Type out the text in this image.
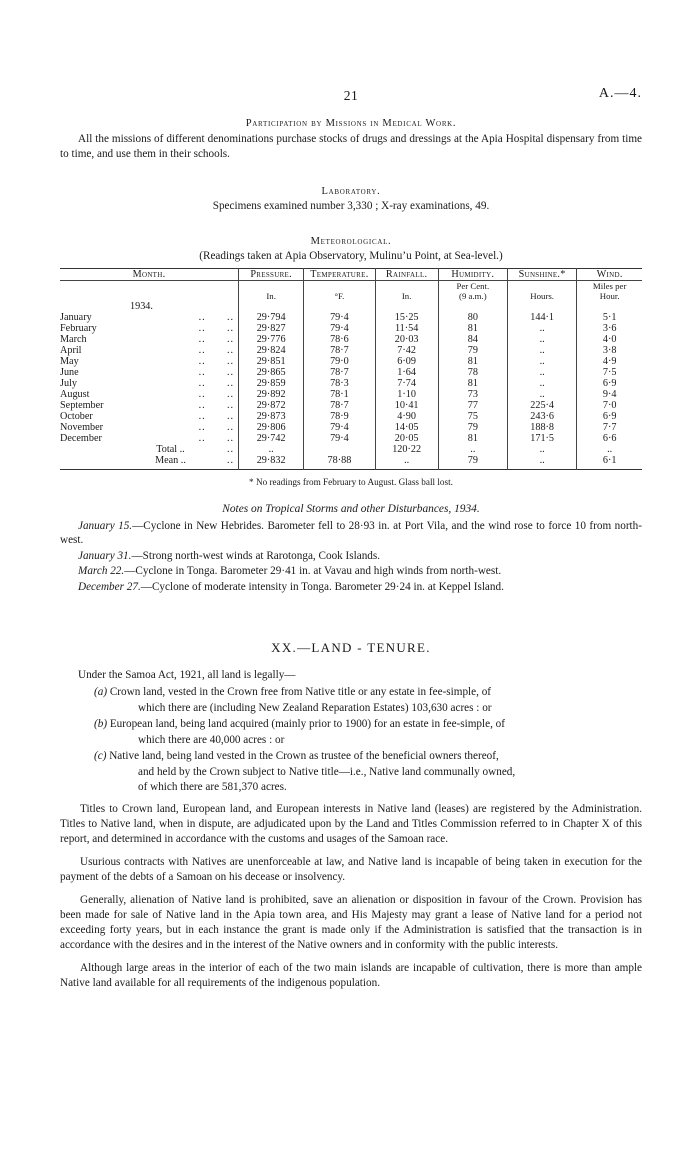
21	A.—4.
Participation by Missions in Medical Work.
All the missions of different denominations purchase stocks of drugs and dressings at the Apia Hospital dispensary from time to time, and use them in their schools.
Laboratory.
Specimens examined number 3,330 ; X-ray examinations, 49.
Meteorological.
(Readings taken at Apia Observatory, Mulinu’u Point, at Sea-level.)
Month.	Pressure.	Temperature.	Rainfall.	Humidity.	Sunshine.*	Wind.
				Per Cent.		Miles per
	In.	°F.	In.	(9 a.m.)	Hours.	Hour.
1934.						
January ..      ..	29·794	79·4	15·25	80	144·1	5·1
February ..      ..	29·827	79·4	11·54	81	..	3·6
March ..      ..	29·776	78·6	20·03	84	..	4·0
April ..      ..	29·824	78·7	7·42	79	..	3·8
May ..      ..	29·851	79·0	6·09	81	..	4·9
June ..      ..	29·865	78·7	1·64	78	..	7·5
July ..      ..	29·859	78·3	7·74	81	..	6·9
August ..      ..	29·892	78·1	1·10	73	..	9·4
September ..      ..	29·872	78·7	10·41	77	225·4	7·0
October ..      ..	29·873	78·9	4·90	75	243·6	6·9
November ..      ..	29·806	79·4	14·05	79	188·8	7·7
December ..      ..	29·742	79·4	20·05	81	171·5	6·6
Total .. ..	..		120·22	..	..	..
Mean .. ..	29·832	78·88	..	79	..	6·1

* No readings from February to August. Glass ball lost.
Notes on Tropical Storms and other Disturbances, 1934.
January 15.—Cyclone in New Hebrides. Barometer fell to 28·93 in. at Port Vila, and the wind rose to force 10 from north-west.
January 31.—Strong north-west winds at Rarotonga, Cook Islands.
March 22.—Cyclone in Tonga. Barometer 29·41 in. at Vavau and high winds from north-west.
December 27.—Cyclone of moderate intensity in Tonga. Barometer 29·24 in. at Keppel Island.
XX.—LAND - TENURE.
Under the Samoa Act, 1921, all land is legally—
(a) Crown land, vested in the Crown free from Native title or any estate in fee-simple, of
which there are (including New Zealand Reparation Estates) 103,630 acres : or
(b) European land, being land acquired (mainly prior to 1900) for an estate in fee-simple, of
which there are 40,000 acres : or
(c) Native land, being land vested in the Crown as trustee of the beneficial owners thereof,
and held by the Crown subject to Native title—i.e., Native land communally owned,
of which there are 581,370 acres.
Titles to Crown land, European land, and European interests in Native land (leases) are registered by the Administration. Titles to Native land, when in dispute, are adjudicated upon by the Land and Titles Commission referred to in Chapter X of this report, and determined in accordance with the customs and usages of the Samoan race.
Usurious contracts with Natives are unenforceable at law, and Native land is incapable of being taken in execution for the payment of the debts of a Samoan on his decease or insolvency.
Generally, alienation of Native land is prohibited, save an alienation or disposition in favour of the Crown. Provision has been made for sale of Native land in the Apia town area, and His Majesty may grant a lease of Native land for a period not exceeding forty years, but in each instance the grant is made only if the Administration is satisfied that the transaction is in accordance with the desires and in the interest of the Native owners and in conformity with the public interests.
Although large areas in the interior of each of the two main islands are incapable of cultivation, there is more than ample Native land available for all requirements of the indigenous population.
